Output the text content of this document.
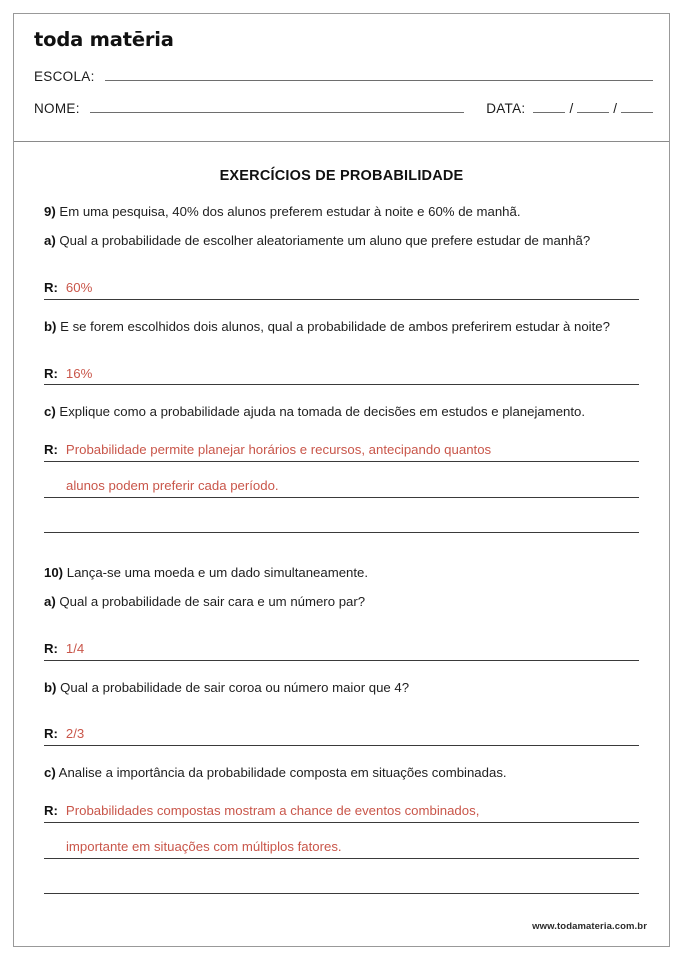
toda matēria
ESCOLA:
NOME:	DATA:	/	/
EXERCÍCIOS DE PROBABILIDADE

9) Em uma pesquisa, 40% dos alunos preferem estudar à noite e 60% de manhã.

a) Qual a probabilidade de escolher aleatoriamente um aluno que prefere estudar de manhã?

R: 60%

b) E se forem escolhidos dois alunos, qual a probabilidade de ambos preferirem estudar à noite?

R: 16%

c) Explique como a probabilidade ajuda na tomada de decisões em estudos e planejamento.

R: Probabilidade permite planejar horários e recursos, antecipando quantos
alunos podem preferir cada período.

10) Lança-se uma moeda e um dado simultaneamente.

a) Qual a probabilidade de sair cara e um número par?

R: 1/4

b) Qual a probabilidade de sair coroa ou número maior que 4?

R: 2/3

c) Analise a importância da probabilidade composta em situações combinadas.

R: Probabilidades compostas mostram a chance de eventos combinados,
importante em situações com múltiplos fatores.
www.todamateria.com.br
